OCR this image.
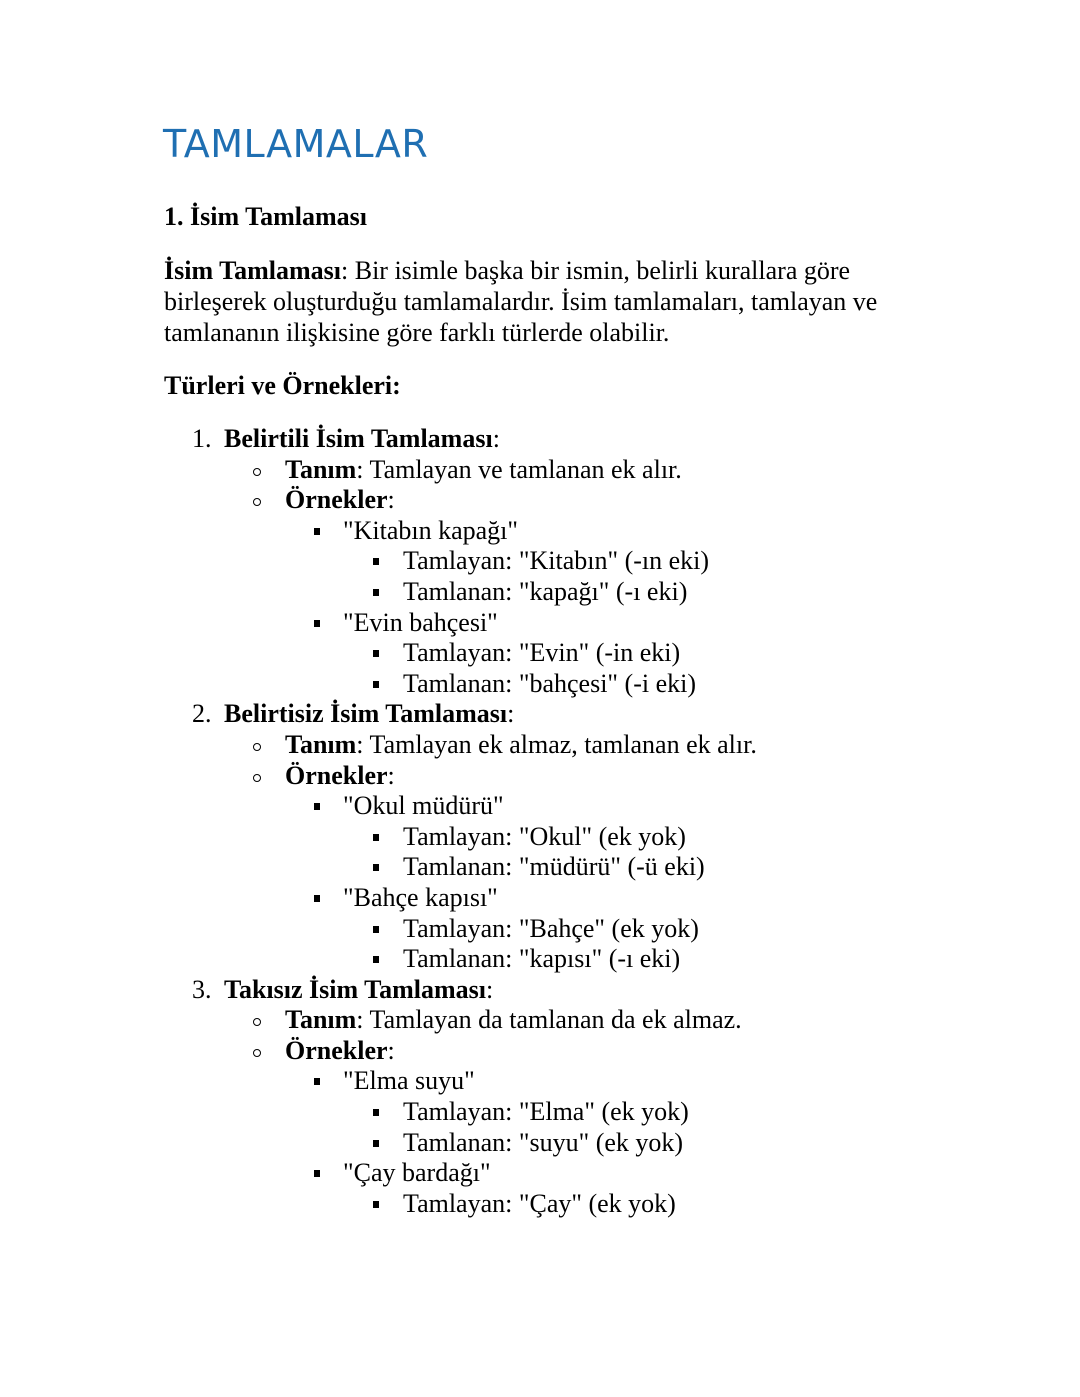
TAMLAMALAR
1. İsim Tamlaması

İsim Tamlaması: Bir isimle başka bir ismin, belirli kurallara göre birleşerek oluşturduğu tamlamalardır. İsim tamlamaları, tamlayan ve tamlananın ilişkisine göre farklı türlerde olabilir.

Türleri ve Örnekleri:
1. Belirtili İsim Tamlaması:
Tanım: Tamlayan ve tamlanan ek alır.
Örnekler:
"Kitabın kapağı"
Tamlayan: "Kitabın" (-ın eki)
Tamlanan: "kapağı" (-ı eki)
"Evin bahçesi"
Tamlayan: "Evin" (-in eki)
Tamlanan: "bahçesi" (-i eki)
2. Belirtisiz İsim Tamlaması:
Tanım: Tamlayan ek almaz, tamlanan ek alır.
Örnekler:
"Okul müdürü"
Tamlayan: "Okul" (ek yok)
Tamlanan: "müdürü" (-ü eki)
"Bahçe kapısı"
Tamlayan: "Bahçe" (ek yok)
Tamlanan: "kapısı" (-ı eki)
3. Takısız İsim Tamlaması:
Tanım: Tamlayan da tamlanan da ek almaz.
Örnekler:
"Elma suyu"
Tamlayan: "Elma" (ek yok)
Tamlanan: "suyu" (ek yok)
"Çay bardağı"
Tamlayan: "Çay" (ek yok)
